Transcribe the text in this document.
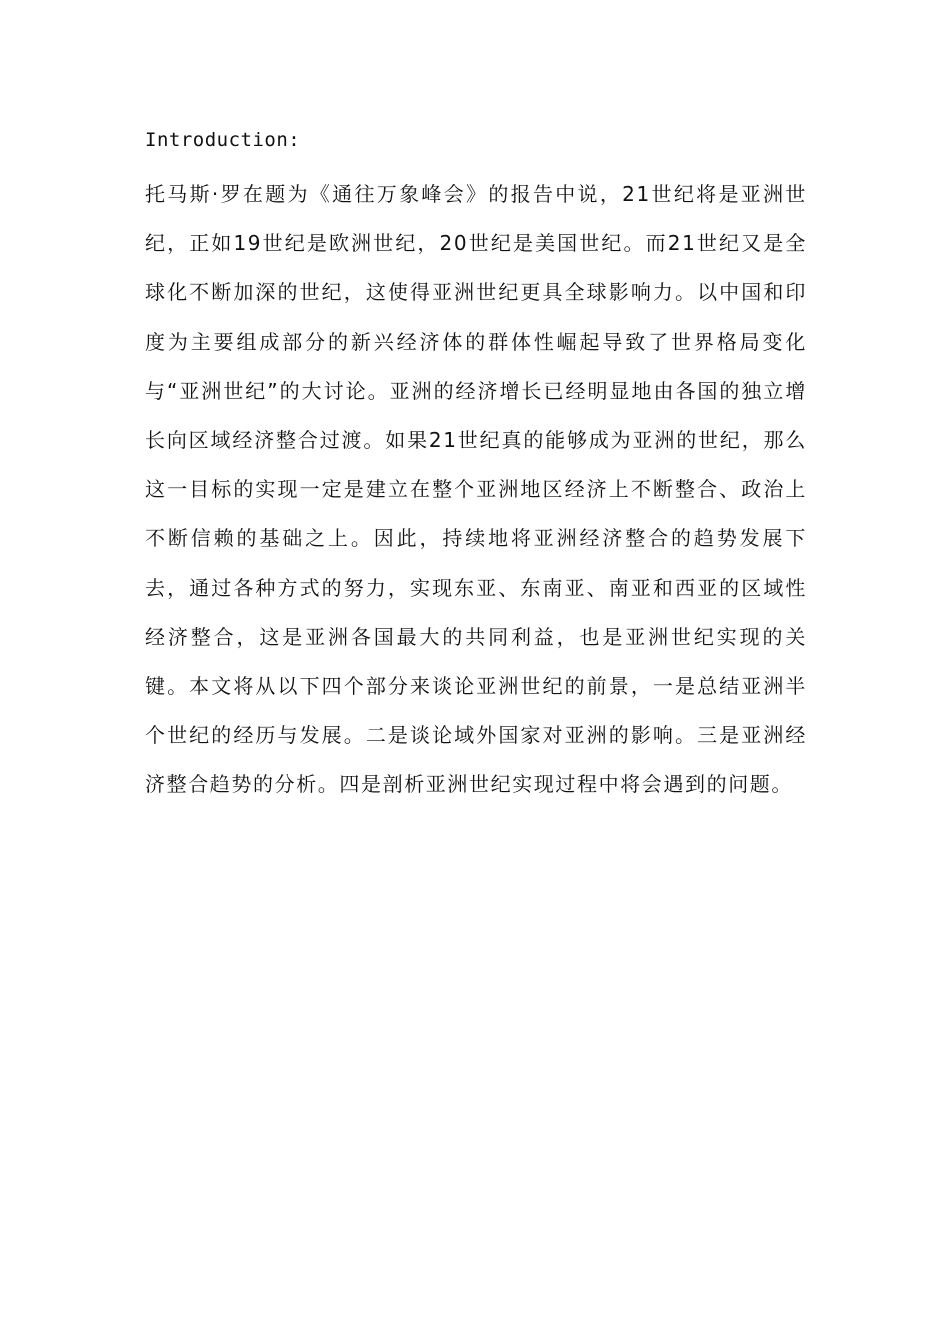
Introduction:

托马斯·罗在题为《通往万象峰会》的报告中说，21世纪将是亚洲世纪，正如19世纪是欧洲世纪，20世纪是美国世纪。而21世纪又是全球化不断加深的世纪，这使得亚洲世纪更具全球影响力。以中国和印度为主要组成部分的新兴经济体的群体性崛起导致了世界格局变化与“亚洲世纪”的大讨论。亚洲的经济增长已经明显地由各国的独立增长向区域经济整合过渡。如果21世纪真的能够成为亚洲的世纪，那么这一目标的实现一定是建立在整个亚洲地区经济上不断整合、政治上不断信赖的基础之上。因此，持续地将亚洲经济整合的趋势发展下去，通过各种方式的努力，实现东亚、东南亚、南亚和西亚的区域性经济整合，这是亚洲各国最大的共同利益，也是亚洲世纪实现的关键。本文将从以下四个部分来谈论亚洲世纪的前景，一是总结亚洲半个世纪的经历与发展。二是谈论域外国家对亚洲的影响。三是亚洲经济整合趋势的分析。四是剖析亚洲世纪实现过程中将会遇到的问题。
